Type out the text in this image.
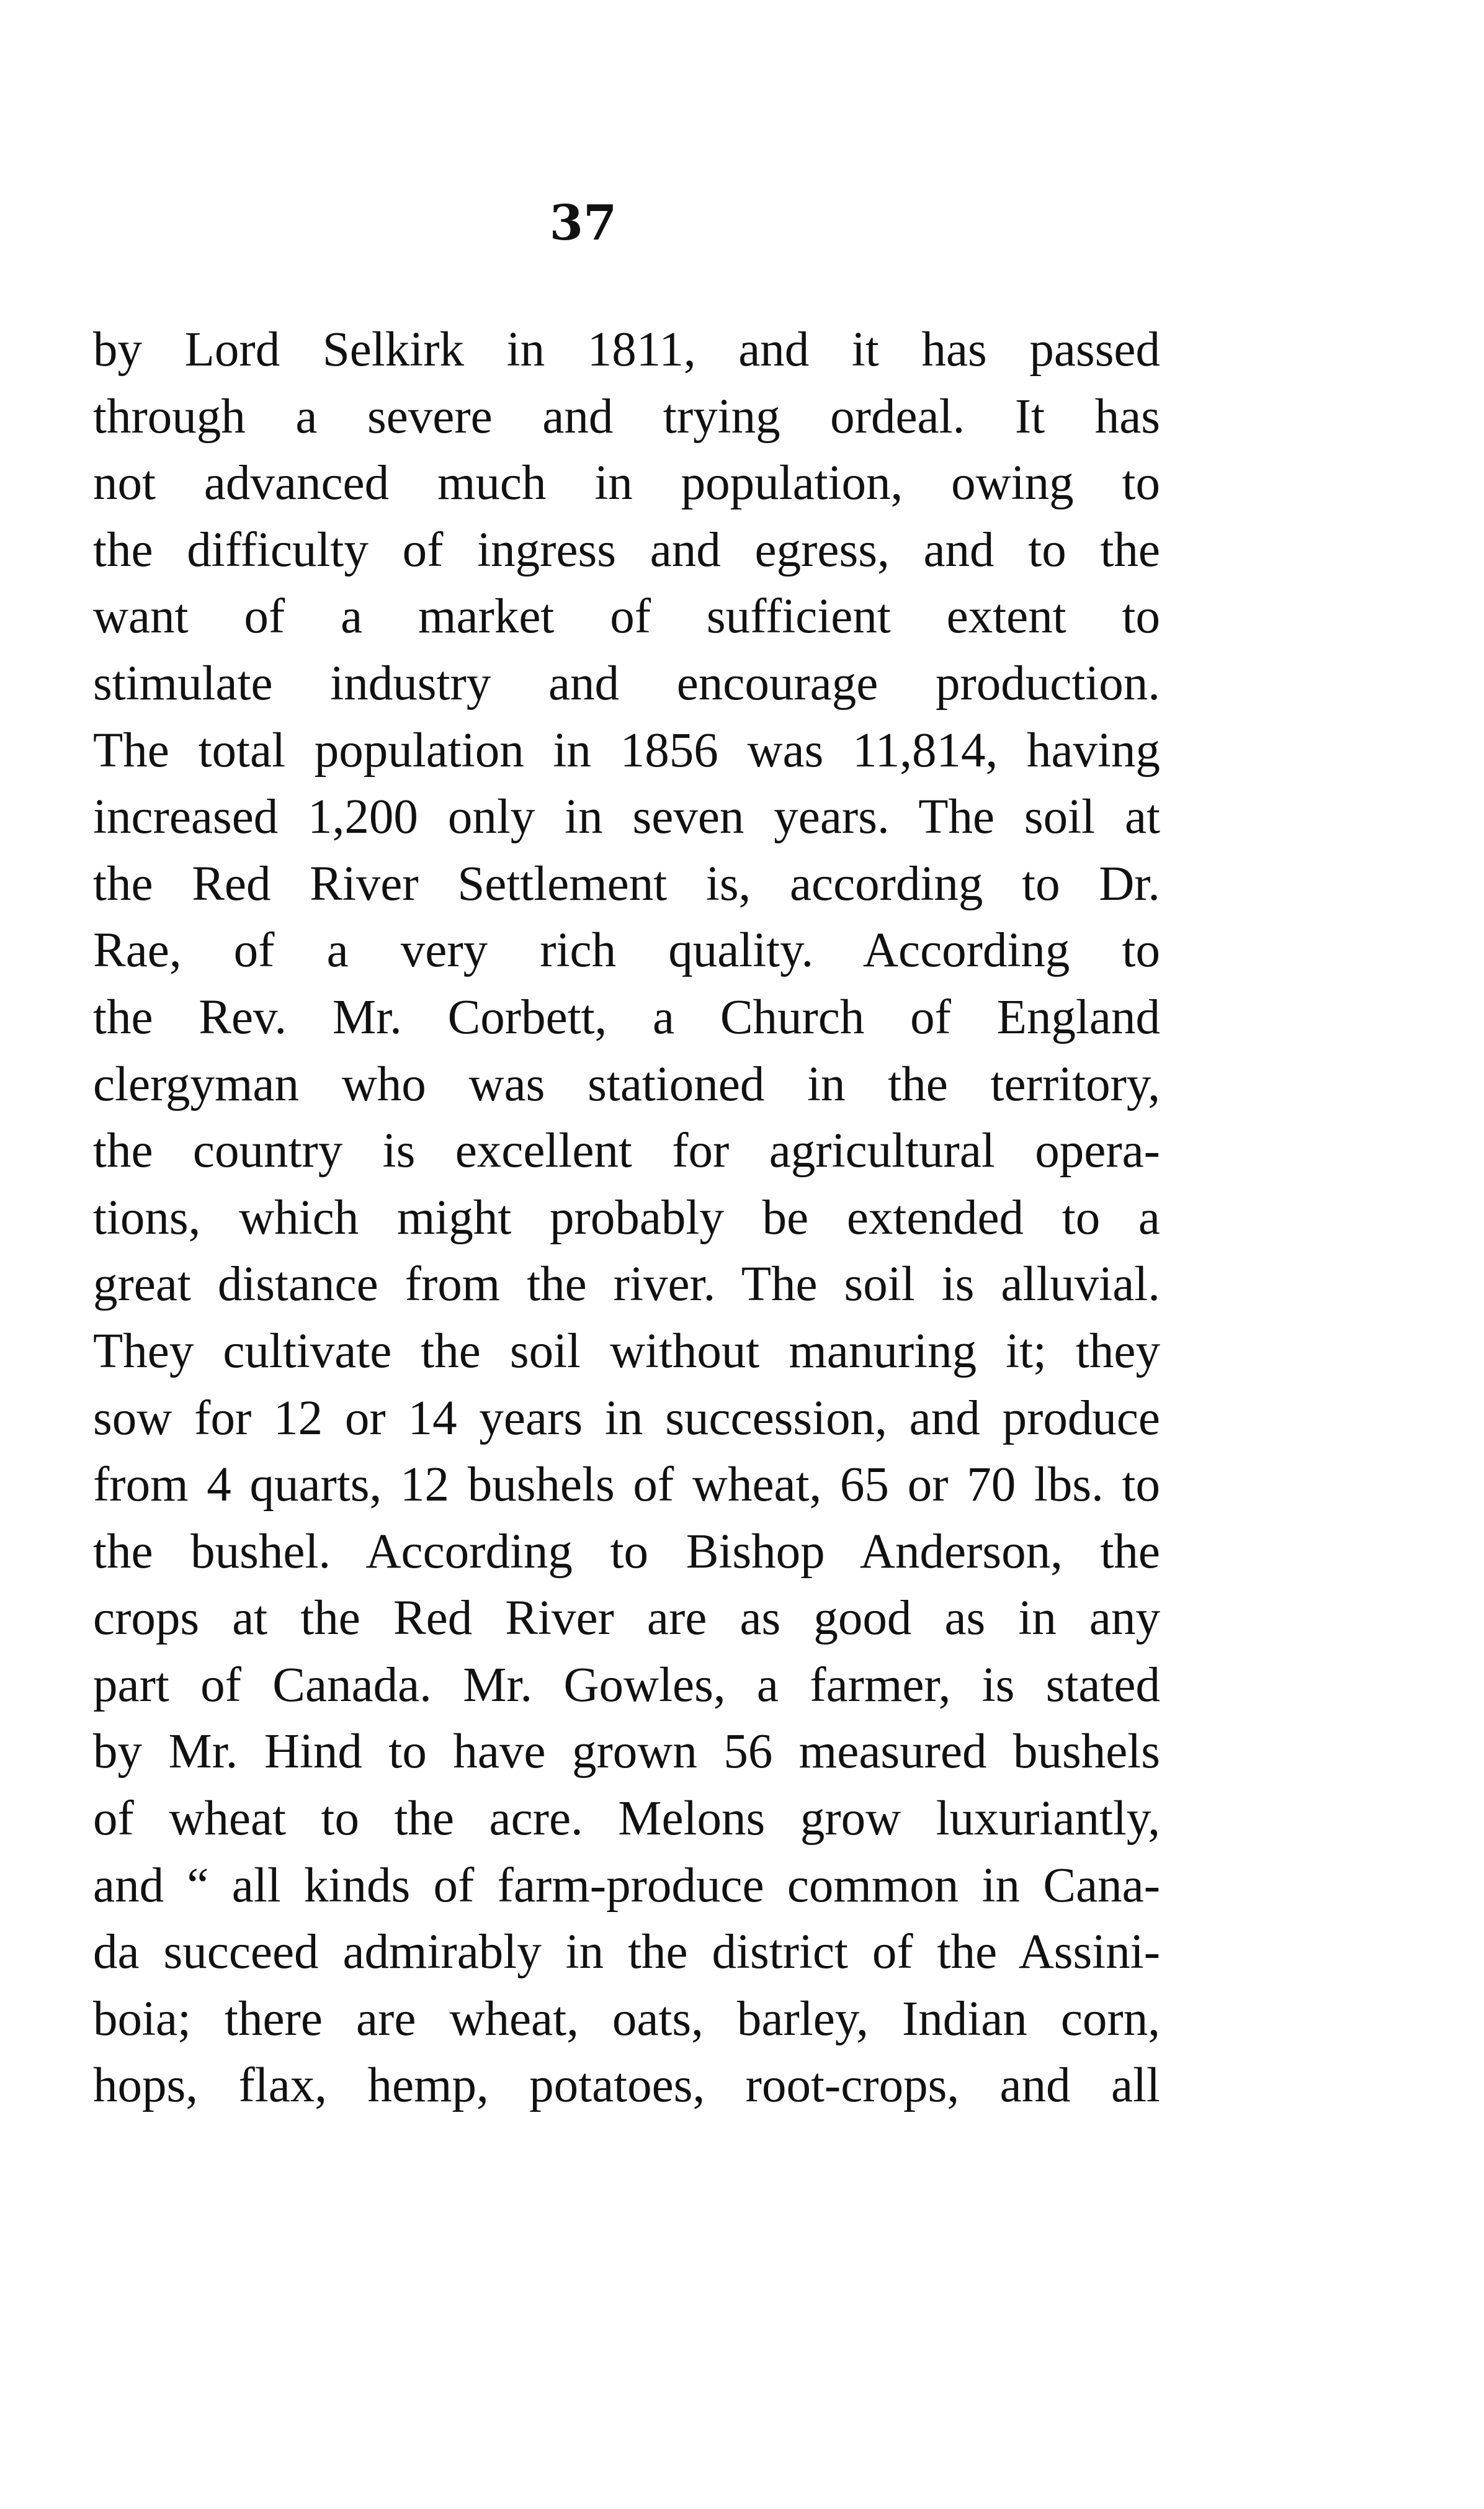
37
by Lord Selkirk in 1811, and it has passed
through a severe and trying ordeal. It has
not advanced much in population, owing to
the difficulty of ingress and egress, and to the
want of a market of sufficient extent to
stimulate industry and encourage production.
The total population in 1856 was 11,814, having
increased 1,200 only in seven years. The soil at
the Red River Settlement is, according to Dr.
Rae, of a very rich quality. According to
the Rev. Mr. Corbett, a Church of England
clergyman who was stationed in the territory,
the country is excellent for agricultural opera-
tions, which might probably be extended to a
great distance from the river. The soil is alluvial.
They cultivate the soil without manuring it; they
sow for 12 or 14 years in succession, and produce
from 4 quarts, 12 bushels of wheat, 65 or 70 lbs. to
the bushel. According to Bishop Anderson, the
crops at the Red River are as good as in any
part of Canada. Mr. Gowles, a farmer, is stated
by Mr. Hind to have grown 56 measured bushels
of wheat to the acre. Melons grow luxuriantly,
and “ all kinds of farm-produce common in Cana-
da succeed admirably in the district of the Assini-
boia; there are wheat, oats, barley, Indian corn,
hops, flax, hemp, potatoes, root-crops, and all
